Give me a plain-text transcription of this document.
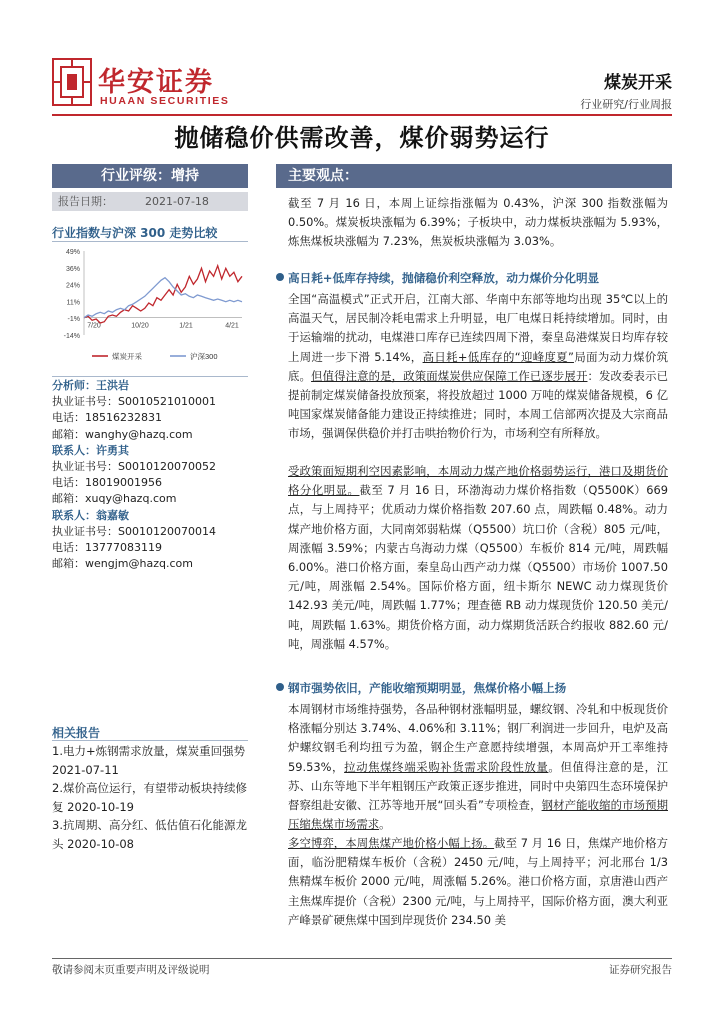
华安证券
HUAAN SECURITIES
煤炭开采
行业研究/行业周报
抛储稳价供需改善，煤价弱势运行
行业评级：增持
报告日期：	2021-07-18
行业指数与沪深 300 走势比较
49%
36%
24%
11%
-1%
-14%
7/20	10/20	1/21	4/21
煤炭开采	沪深300
分析师：王洪岩
执业证书号：S0010521010001
电话：18516232831
邮箱：wanghy@hazq.com
联系人：许勇其
执业证书号：S0010120070052
电话：18019001956
邮箱：xuqy@hazq.com
联系人：翁嘉敏
执业证书号：S0010120070014
电话：13777083119
邮箱：wengjm@hazq.com
相关报告
1.电力+炼钢需求放量，煤炭重回强势 2021-07-11
2.煤价高位运行，有望带动板块持续修复 2020-10-19
3.抗周期、高分红、低估值石化能源龙头 2020-10-08
主要观点：
截至 7 月 16 日，本周上证综指涨幅为 0.43%，沪深 300 指数涨幅为 0.50%。煤炭板块涨幅为 6.39%；子板块中，动力煤板块涨幅为 5.93%，炼焦煤板块涨幅为 7.23%，焦炭板块涨幅为 3.03%。
高日耗+低库存持续，抛储稳价利空释放，动力煤价分化明显
全国“高温模式”正式开启，江南大部、华南中东部等地均出现 35℃以上的高温天气，居民制冷耗电需求上升明显，电厂电煤日耗持续增加。同时，由于运输端的扰动，电煤港口库存已连续四周下滑，秦皇岛港煤炭日均库存较上周进一步下滑 5.14%，高日耗+低库存的“迎峰度夏”局面为动力煤价筑底。但值得注意的是，政策面煤炭供应保障工作已逐步展开：发改委表示已提前制定煤炭储备投放预案，将投放超过 1000 万吨的煤炭储备规模，6 亿吨国家煤炭储备能力建设正持续推进；同时，本周工信部两次提及大宗商品市场，强调保供稳价并打击哄抬物价行为，市场利空有所释放。
受政策面短期利空因素影响，本周动力煤产地价格弱势运行，港口及期货价格分化明显。截至 7 月 16 日，环渤海动力煤价格指数（Q5500K）669 点，与上周持平；优质动力煤价格指数 207.60 点，周跌幅 0.48%。动力煤产地价格方面，大同南郊弱粘煤（Q5500）坑口价（含税）805 元/吨，周涨幅 3.59%；内蒙古乌海动力煤（Q5500）车板价 814 元/吨，周跌幅 6.00%。港口价格方面，秦皇岛山西产动力煤（Q5500）市场价 1007.50 元/吨，周涨幅 2.54%。国际价格方面，纽卡斯尔 NEWC 动力煤现货价 142.93 美元/吨，周跌幅 1.77%；理查德 RB 动力煤现货价 120.50 美元/吨，周跌幅 1.63%。期货价格方面，动力煤期货活跃合约报收 882.60 元/吨，周涨幅 4.57%。
钢市强势依旧，产能收缩预期明显，焦煤价格小幅上扬
本周钢材市场维持强势，各品种钢材涨幅明显，螺纹钢、冷轧和中板现货价格涨幅分别达 3.74%、4.06%和 3.11%；钢厂利润进一步回升，电炉及高炉螺纹钢毛利均扭亏为盈，钢企生产意愿持续增强，本周高炉开工率维持 59.53%，拉动焦煤终端采购补货需求阶段性放量。但值得注意的是，江苏、山东等地下半年粗钢压产政策正逐步推进，同时中央第四生态环境保护督察组赴安徽、江苏等地开展“回头看”专项检查，钢材产能收缩的市场预期压缩焦煤市场需求。
多空博弈，本周焦煤产地价格小幅上扬。截至 7 月 16 日，焦煤产地价格方面，临汾肥精煤车板价（含税）2450 元/吨，与上周持平；河北邢台 1/3 焦精煤车板价 2000 元/吨，周涨幅 5.26%。港口价格方面，京唐港山西产主焦煤库提价（含税）2300 元/吨，与上周持平，国际价格方面，澳大利亚产峰景矿硬焦煤中国到岸现货价 234.50 美
敬请参阅末页重要声明及评级说明	证券研究报告
